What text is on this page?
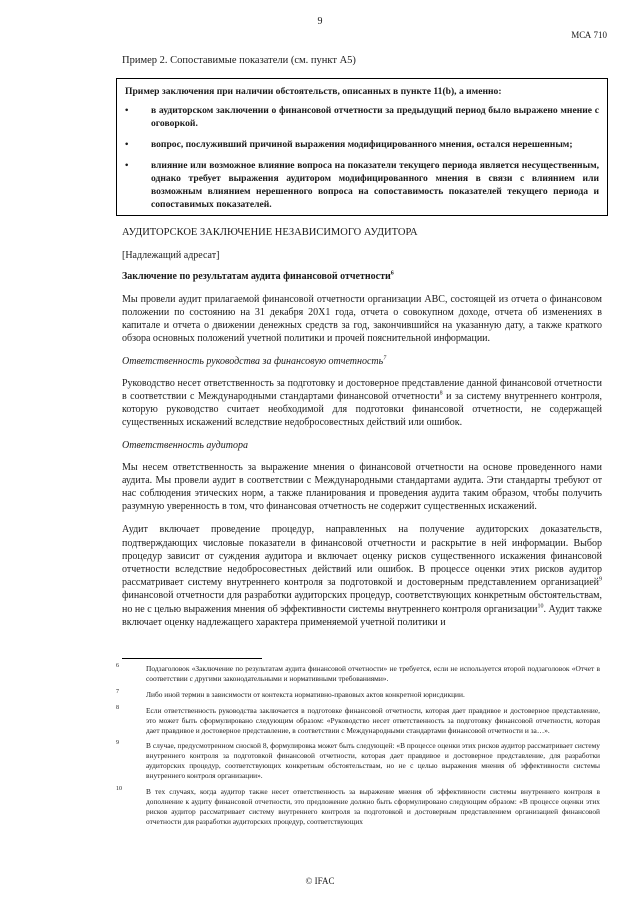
9
МСА 710
Пример 2. Сопоставимые показатели (см. пункт А5)

Пример заключения при наличии обстоятельств, описанных в пункте 11(b), а именно:

• в аудиторском заключении о финансовой отчетности за предыдущий период было выражено мнение с оговоркой.
• вопрос, послуживший причиной выражения модифицированного мнения, остался нерешенным;
• влияние или возможное влияние вопроса на показатели текущего периода является несущественным, однако требует выражения аудитором модифицированного мнения в связи с влиянием или возможным влиянием нерешенного вопроса на сопоставимость показателей текущего периода и сопоставимых показателей.

АУДИТОРСКОЕ ЗАКЛЮЧЕНИЕ НЕЗАВИСИМОГО АУДИТОРА

[Надлежащий адресат]

Заключение по результатам аудита финансовой отчетности$^6$

Мы провели аудит прилагаемой финансовой отчетности организации ABC, состоящей из отчета о финансовом положении по состоянию на 31 декабря 20X1 года, отчета о совокупном доходе, отчета об изменениях в капитале и отчета о движении денежных средств за год, закончившийся на указанную дату, а также краткого обзора основных положений учетной политики и прочей пояснительной информации.

Ответственность руководства за финансовую отчетность$^7$

Руководство несет ответственность за подготовку и достоверное представление данной финансовой отчетности в соответствии с Международными стандартами финансовой отчетности$^8$ и за систему внутреннего контроля, которую руководство считает необходимой для подготовки финансовой отчетности, не содержащей существенных искажений вследствие недобросовестных действий или ошибок.

Ответственность аудитора

Мы несем ответственность за выражение мнения о финансовой отчетности на основе проведенного нами аудита. Мы провели аудит в соответствии с Международными стандартами аудита. Эти стандарты требуют от нас соблюдения этических норм, а также планирования и проведения аудита таким образом, чтобы получить разумную уверенность в том, что финансовая отчетность не содержит существенных искажений.

Аудит включает проведение процедур, направленных на получение аудиторских доказательств, подтверждающих числовые показатели в финансовой отчетности и раскрытие в ней информации. Выбор процедур зависит от суждения аудитора и включает оценку рисков существенного искажения финансовой отчетности вследствие недобросовестных действий или ошибок. В процессе оценки этих рисков аудитор рассматривает систему внутреннего контроля за подготовкой и достоверным представлением организацией$^9$ финансовой отчетности для разработки аудиторских процедур, соответствующих конкретным обстоятельствам, но не с целью выражения мнения об эффективности системы внутреннего контроля организации$^{10}$. Аудит также включает оценку надлежащего характера применяемой учетной политики и

6	Подзаголовок «Заключение по результатам аудита финансовой отчетности» не требуется, если не используется второй подзаголовок «Отчет в соответствии с другими законодательными и нормативными требованиями».
7	Либо иной термин в зависимости от контекста нормативно-правовых актов конкретной юрисдикции.
8	Если ответственность руководства заключается в подготовке финансовой отчетности, которая дает правдивое и достоверное представление, это может быть сформулировано следующим образом: «Руководство несет ответственность за подготовку финансовой отчетности, которая дает правдивое и достоверное представление, в соответствии с Международными стандартами финансовой отчетности и за…».
9	В случае, предусмотренном сноской 8, формулировка может быть следующей: «В процессе оценки этих рисков аудитор рассматривает систему внутреннего контроля за подготовкой финансовой отчетности, которая дает правдивое и достоверное представление, для разработки аудиторских процедур, соответствующих конкретным обстоятельствам, но не с целью выражения мнения об эффективности системы внутреннего контроля организации».
10	В тех случаях, когда аудитор также несет ответственность за выражение мнения об эффективности системы внутреннего контроля в дополнение к аудиту финансовой отчетности, это предложение должно быть сформулировано следующим образом: «В процессе оценки этих рисков аудитор рассматривает систему внутреннего контроля за подготовкой и достоверным представлением организацией финансовой отчетности для разработки аудиторских процедур, соответствующих
© IFAC
